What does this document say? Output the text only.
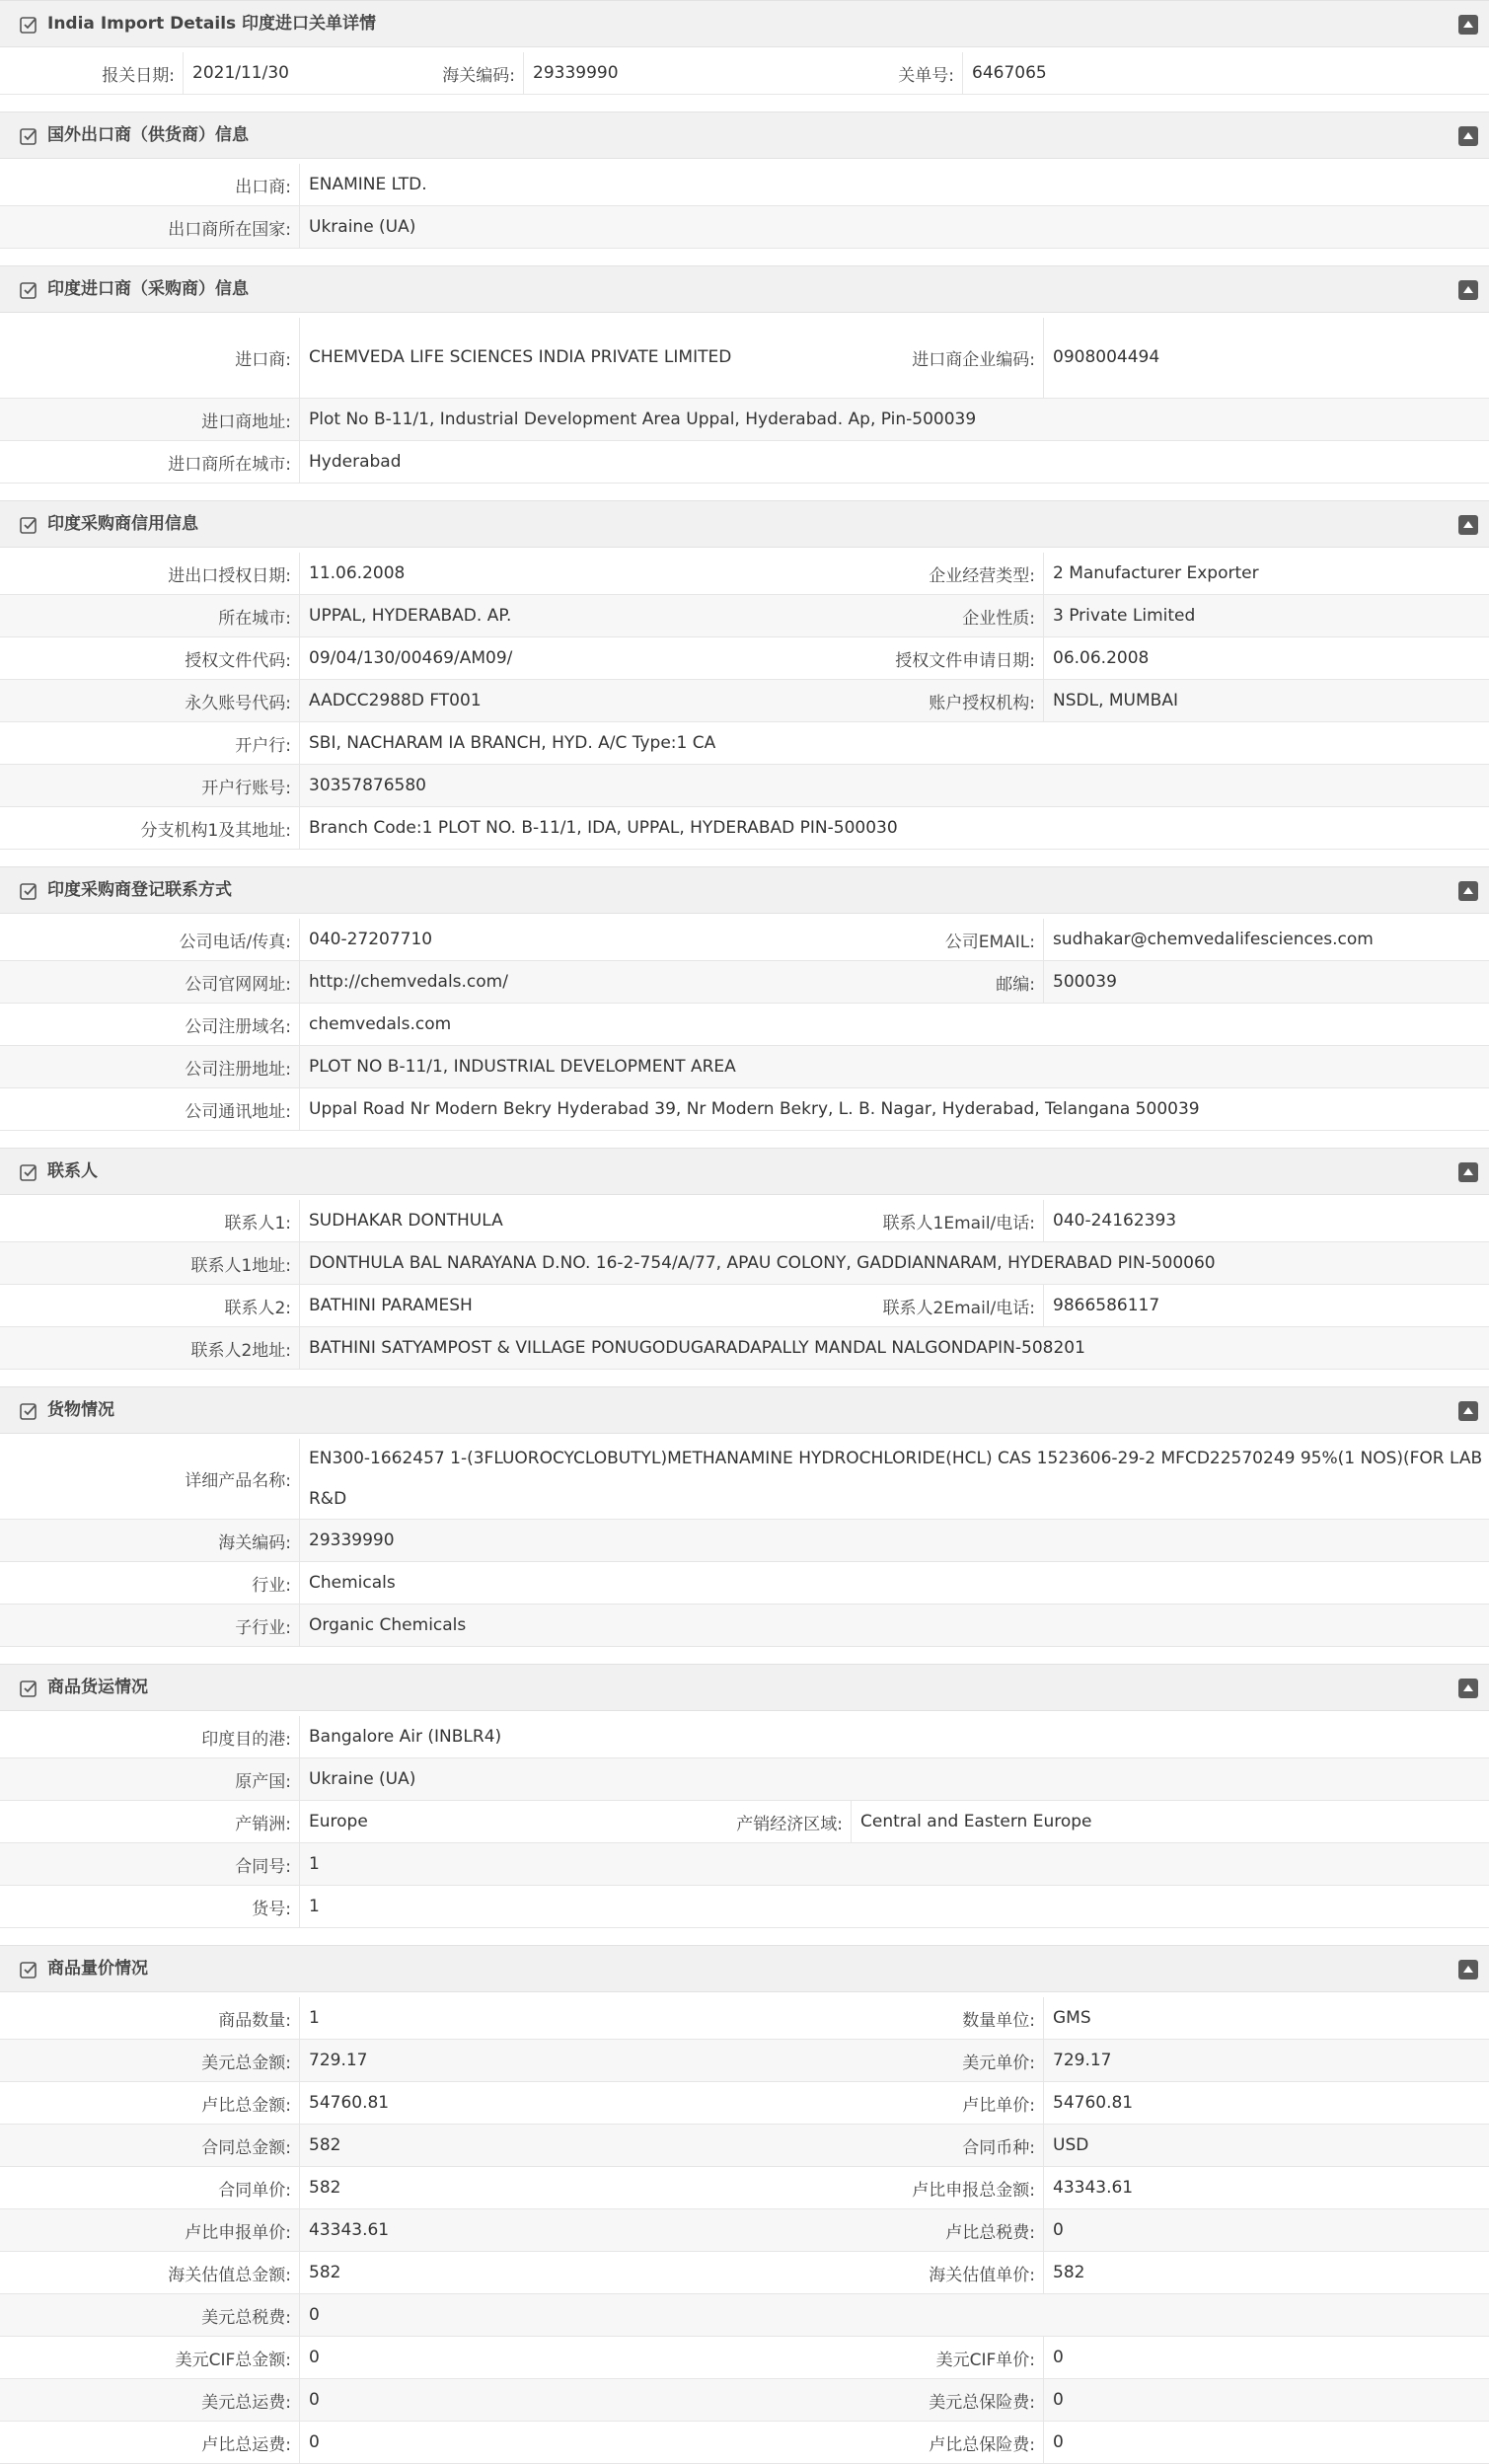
India Import Details 印度进口关单详情
报关日期:	2021/11/30	海关编码:	29339990	关单号:	6467065
国外出口商（供货商）信息
出口商:	ENAMINE LTD.
出口商所在国家:	Ukraine (UA)
印度进口商（采购商）信息
进口商:	CHEMVEDA LIFE SCIENCES INDIA PRIVATE LIMITED	进口商企业编码:	0908004494
进口商地址:	Plot No B-11/1, Industrial Development Area Uppal, Hyderabad. Ap, Pin-500039
进口商所在城市:	Hyderabad
印度采购商信用信息
进出口授权日期:	11.06.2008	企业经营类型:	2 Manufacturer Exporter
所在城市:	UPPAL, HYDERABAD. AP.	企业性质:	3 Private Limited
授权文件代码:	09/04/130/00469/AM09/	授权文件申请日期:	06.06.2008
永久账号代码:	AADCC2988D FT001	账户授权机构:	NSDL, MUMBAI
开户行:	SBI, NACHARAM IA BRANCH, HYD. A/C Type:1 CA
开户行账号:	30357876580
分支机构1及其地址:	Branch Code:1 PLOT NO. B-11/1, IDA, UPPAL, HYDERABAD PIN-500030
印度采购商登记联系方式
公司电话/传真:	040-27207710	公司EMAIL:	sudhakar@chemvedalifesciences.com
公司官网网址:	http://chemvedals.com/	邮编:	500039
公司注册域名:	chemvedals.com
公司注册地址:	PLOT NO B-11/1, INDUSTRIAL DEVELOPMENT AREA
公司通讯地址:	Uppal Road Nr Modern Bekry Hyderabad 39, Nr Modern Bekry, L. B. Nagar, Hyderabad, Telangana 500039
联系人
联系人1:	SUDHAKAR DONTHULA	联系人1Email/电话:	040-24162393
联系人1地址:	DONTHULA BAL NARAYANA D.NO. 16-2-754/A/77, APAU COLONY, GADDIANNARAM, HYDERABAD PIN-500060
联系人2:	BATHINI PARAMESH	联系人2Email/电话:	9866586117
联系人2地址:	BATHINI SATYAMPOST & VILLAGE PONUGODUGARADAPALLY MANDAL NALGONDAPIN-508201
货物情况
详细产品名称:
EN300-1662457 1-(3FLUOROCYCLOBUTYL)METHANAMINE HYDROCHLORIDE(HCL) CAS 1523606-29-2 MFCD22570249 95%(1 NOS)(FOR LAB R&D
海关编码:	29339990
行业:	Chemicals
子行业:	Organic Chemicals
商品货运情况
印度目的港:	Bangalore Air (INBLR4)
原产国:	Ukraine (UA)
产销洲:	Europe	产销经济区域:	Central and Eastern Europe
合同号:	1
货号:	1
商品量价情况
商品数量:	1	数量单位:	GMS
美元总金额:	729.17	美元单价:	729.17
卢比总金额:	54760.81	卢比单价:	54760.81
合同总金额:	582	合同币种:	USD
合同单价:	582	卢比申报总金额:	43343.61
卢比申报单价:	43343.61	卢比总税费:	0
海关估值总金额:	582	海关估值单价:	582
美元总税费:	0
美元CIF总金额:	0	美元CIF单价:	0
美元总运费:	0	美元总保险费:	0
卢比总运费:	0	卢比总保险费:	0
